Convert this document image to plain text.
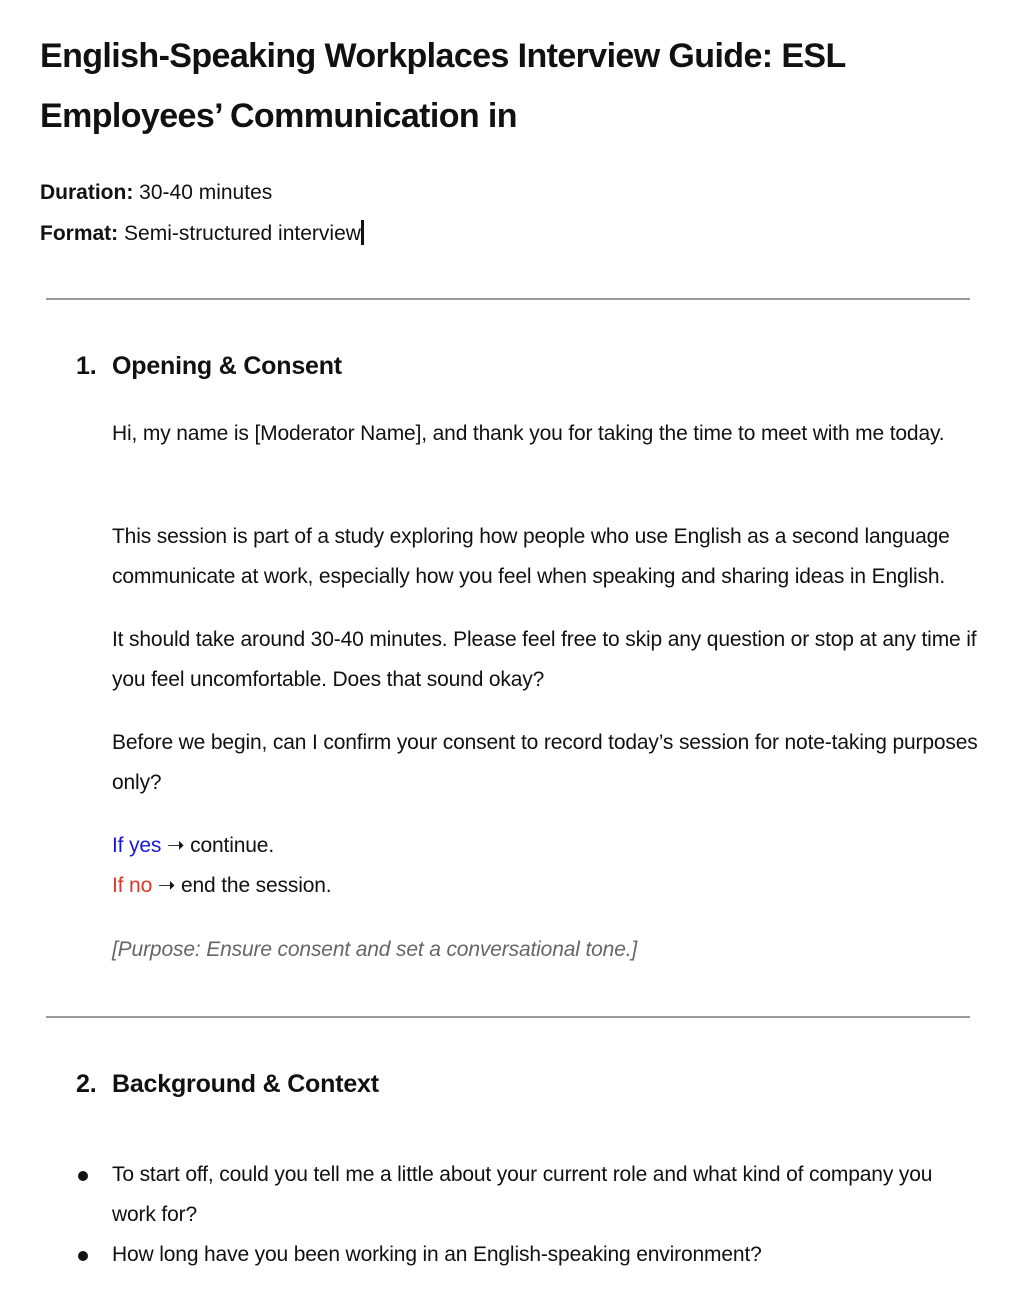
English-Speaking Workplaces Interview Guide: ESL Employees’ Communication in
Duration: 30-40 minutes
Format: Semi-structured interview
1. Opening & Consent

Hi, my name is [Moderator Name], and thank you for taking the time to meet with me today.

This session is part of a study exploring how people who use English as a second language communicate at work, especially how you feel when speaking and sharing ideas in English.

It should take around 30-40 minutes. Please feel free to skip any question or stop at any time if you feel uncomfortable. Does that sound okay?

Before we begin, can I confirm your consent to record today’s session for note-taking purposes only?

If yes ➝ continue.
If no ➝ end the session.
[Purpose: Ensure consent and set a conversational tone.]
2. Background & Context
To start off, could you tell me a little about your current role and what kind of company you work for?
How long have you been working in an English-speaking environment?
